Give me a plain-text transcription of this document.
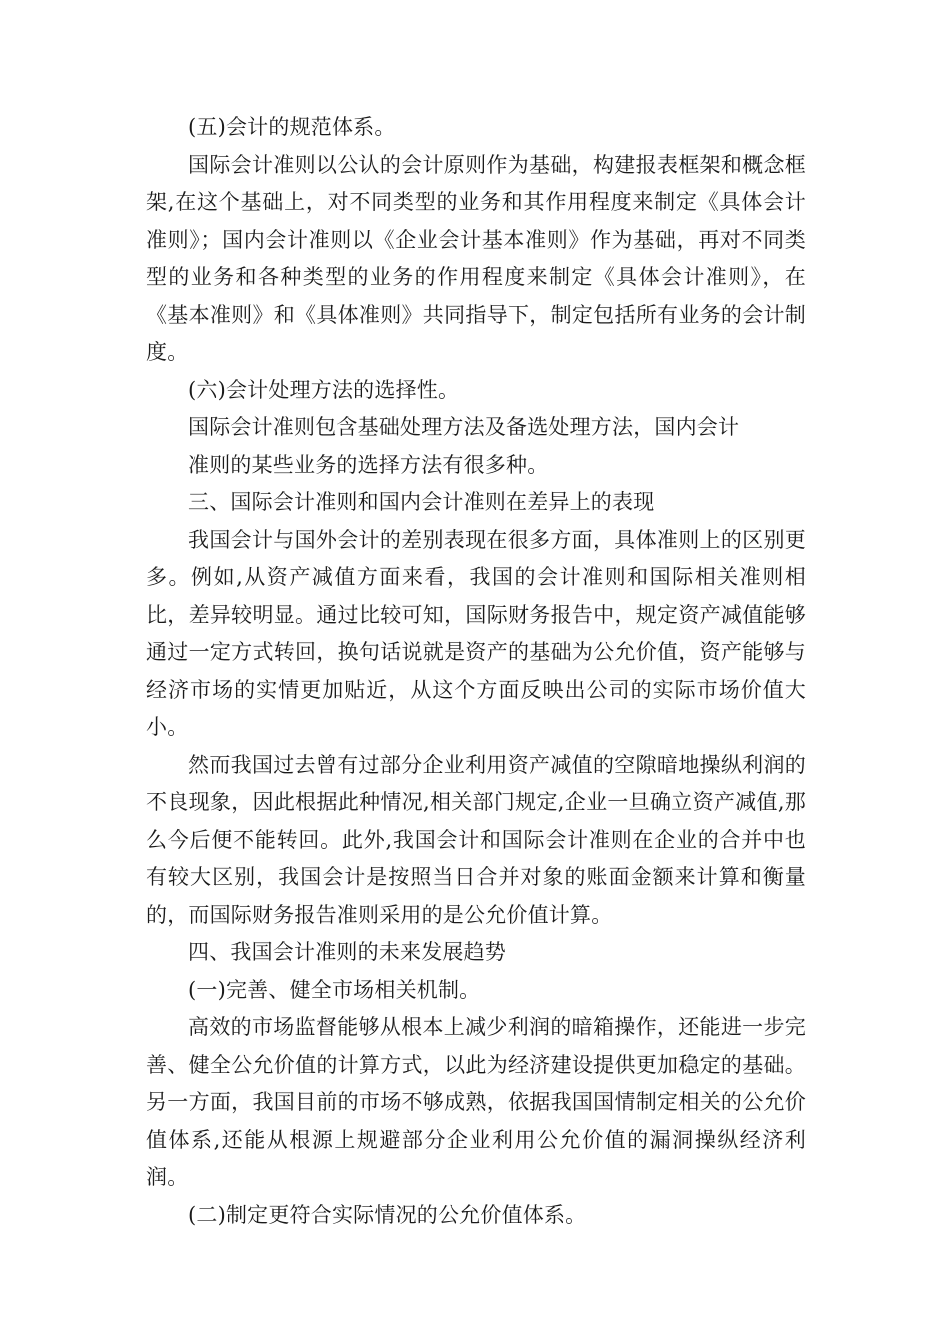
(五)会计的规范体系。

国际会计准则以公认的会计原则作为基础，构建报表框架和概念框架,在这个基础上，对不同类型的业务和其作用程度来制定《具体会计准则》；国内会计准则以《企业会计基本准则》作为基础，再对不同类型的业务和各种类型的业务的作用程度来制定《具体会计准则》，在《基本准则》和《具体准则》共同指导下，制定包括所有业务的会计制度。

(六)会计处理方法的选择性。

国际会计准则包含基础处理方法及备选处理方法，国内会计

准则的某些业务的选择方法有很多种。

三、国际会计准则和国内会计准则在差异上的表现

我国会计与国外会计的差别表现在很多方面，具体准则上的区别更多。例如,从资产减值方面来看，我国的会计准则和国际相关准则相比，差异较明显。通过比较可知，国际财务报告中，规定资产减值能够通过一定方式转回，换句话说就是资产的基础为公允价值，资产能够与经济市场的实情更加贴近，从这个方面反映出公司的实际市场价值大小。

然而我国过去曾有过部分企业利用资产减值的空隙暗地操纵利润的不良现象，因此根据此种情况,相关部门规定,企业一旦确立资产减值,那么今后便不能转回。此外,我国会计和国际会计准则在企业的合并中也有较大区别，我国会计是按照当日合并对象的账面金额来计算和衡量的，而国际财务报告准则采用的是公允价值计算。

四、我国会计准则的未来发展趋势

(一)完善、健全市场相关机制。

高效的市场监督能够从根本上减少利润的暗箱操作，还能进一步完善、健全公允价值的计算方式，以此为经济建设提供更加稳定的基础。另一方面，我国目前的市场不够成熟，依据我国国情制定相关的公允价值体系,还能从根源上规避部分企业利用公允价值的漏洞操纵经济利润。

(二)制定更符合实际情况的公允价值体系。
